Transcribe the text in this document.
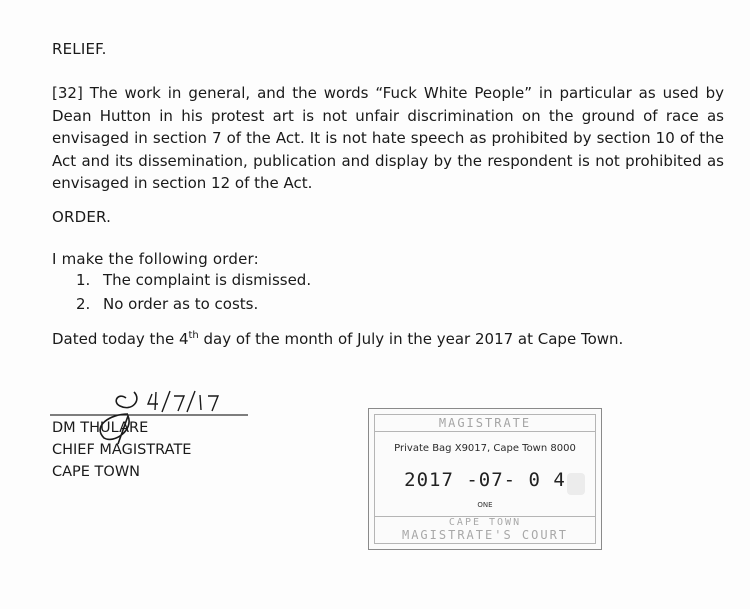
RELIEF.
[32] The work in general, and the words “Fuck White People” in particular as used by Dean Hutton in his protest art is not unfair discrimination on the ground of race as envisaged in section 7 of the Act. It is not hate speech as prohibited by section 10 of the Act and its dissemination, publication and display by the respondent is not prohibited as envisaged in section 12 of the Act.
ORDER.
I make the following order:
1. The complaint is dismissed.
2. No order as to costs.
Dated today the 4th day of the month of July in the year 2017 at Cape Town.
DM THULARE
CHIEF MAGISTRATE
CAPE TOWN
MAGISTRATE
Private Bag X9017, Cape Town 8000
2017 -07- 0 4
ONE
CAPE TOWN
MAGISTRATE'S COURT
